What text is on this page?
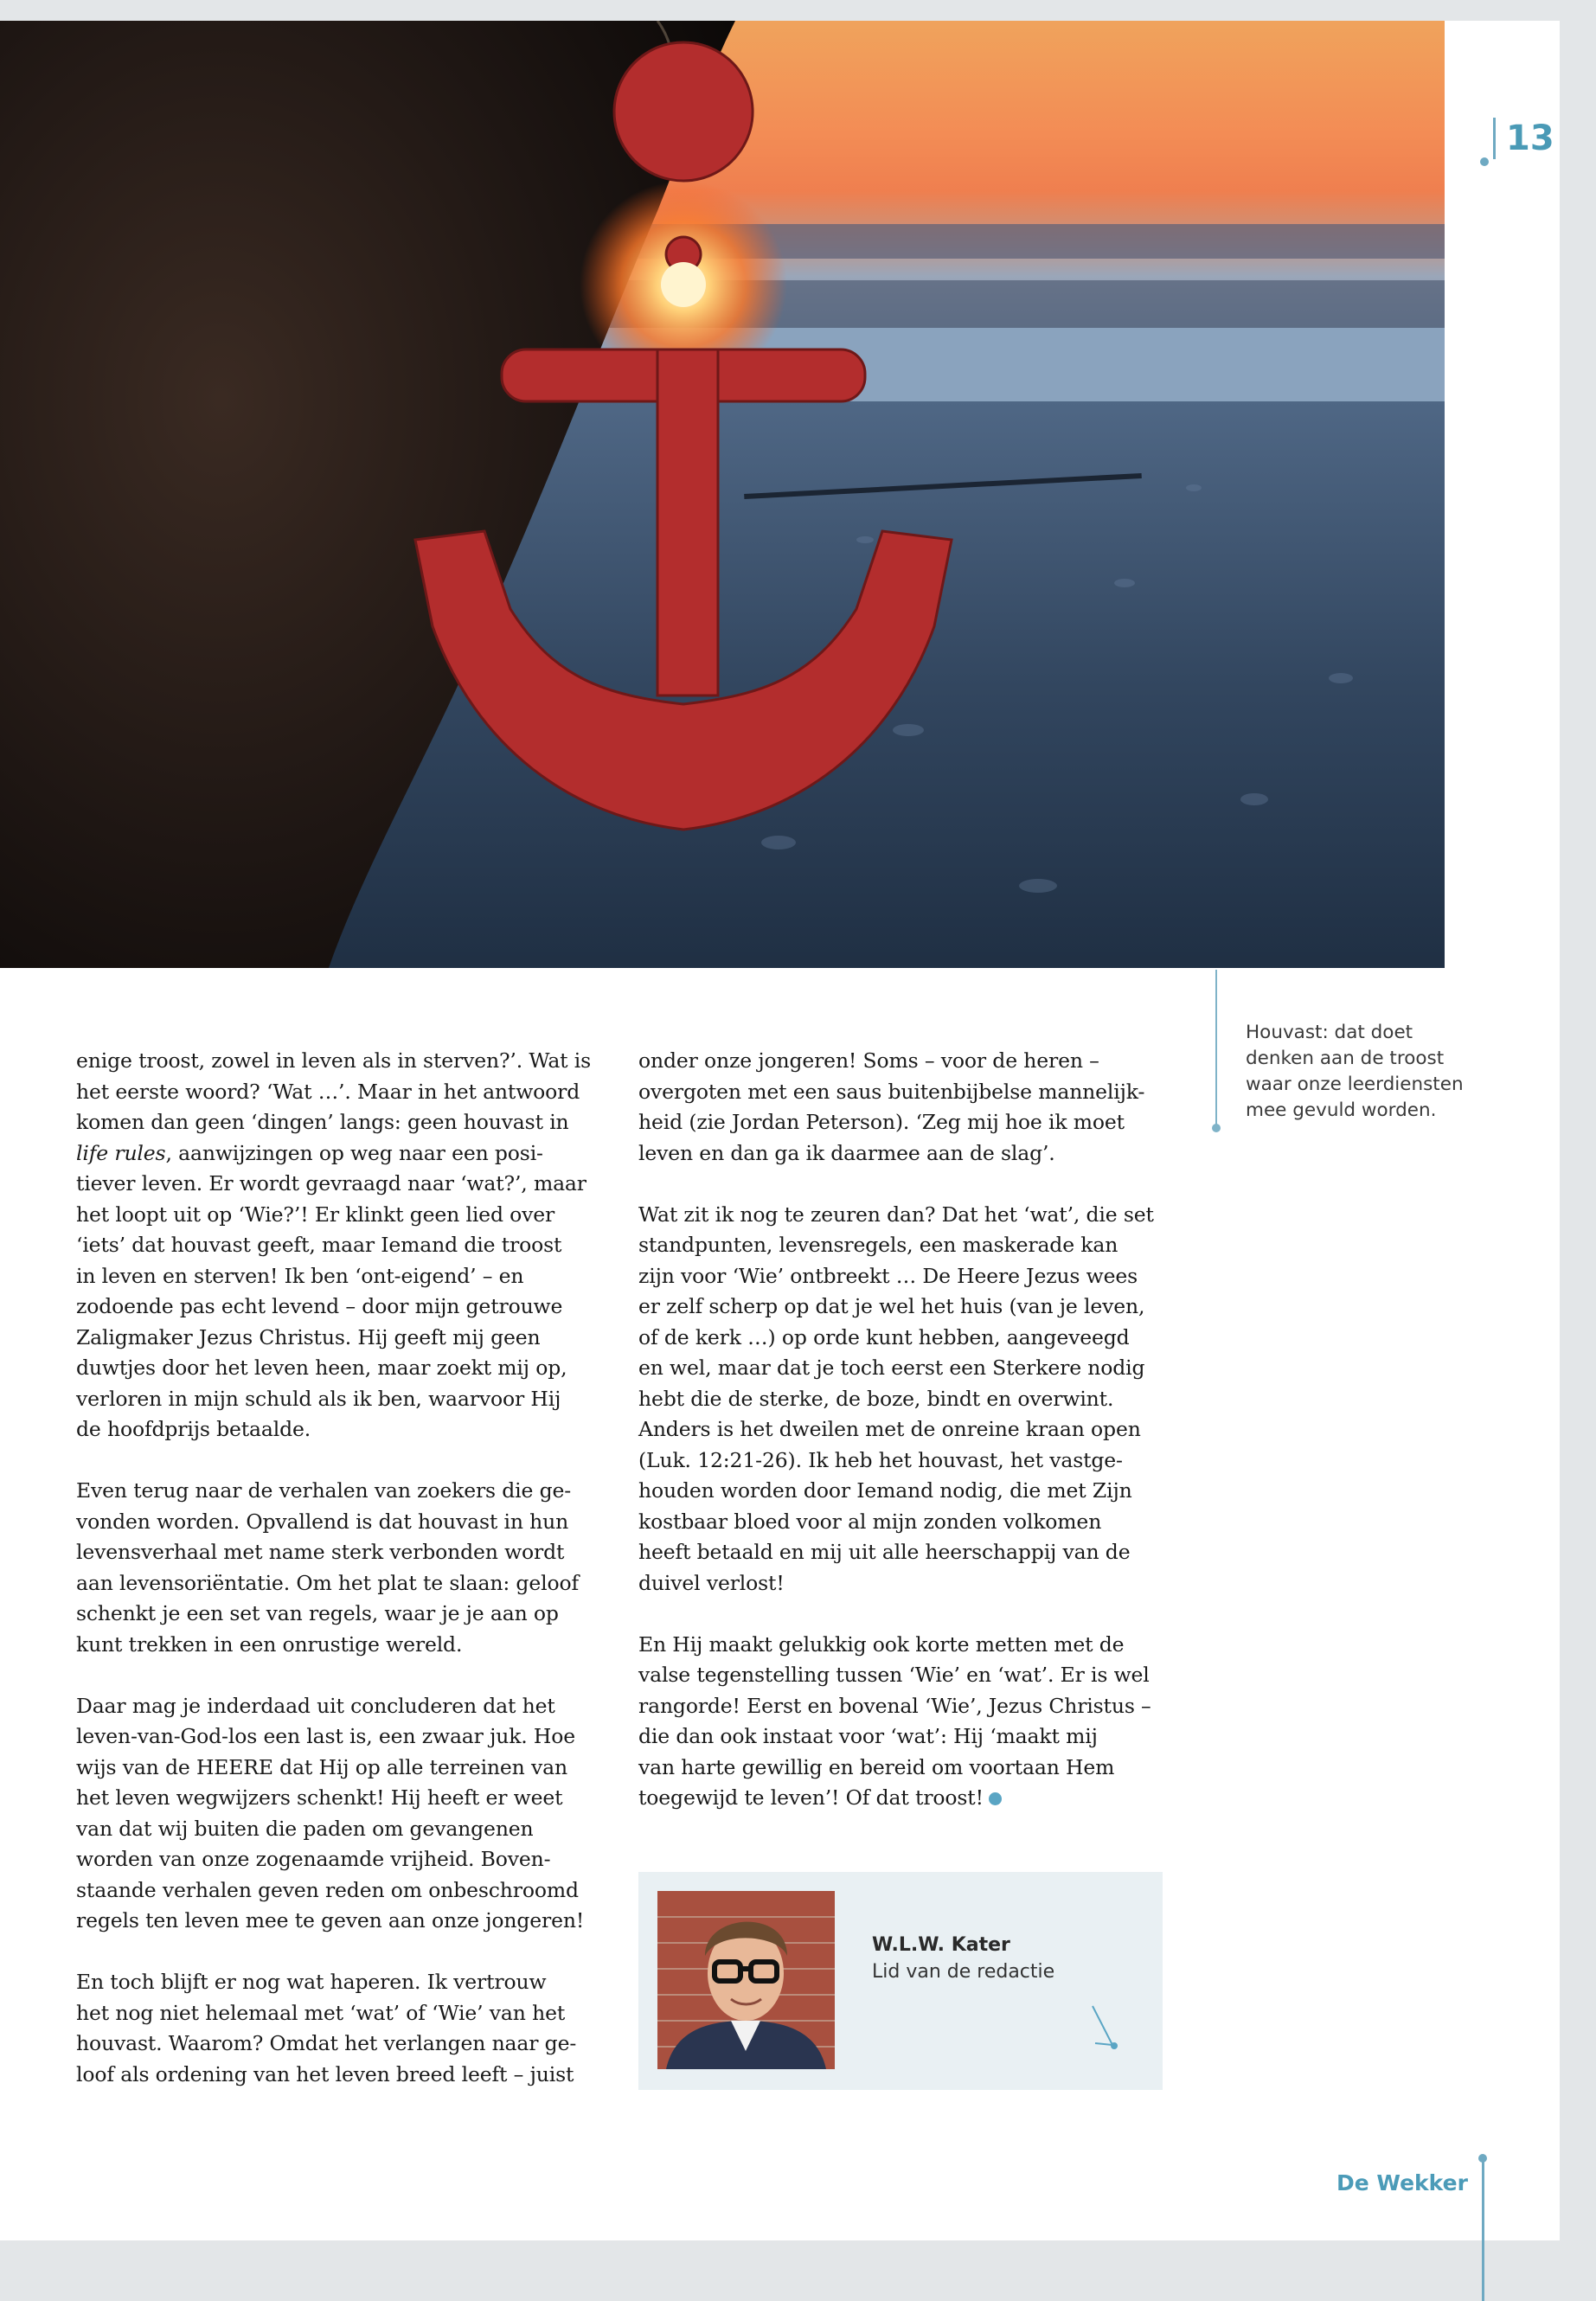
13
Houvast: dat doet
denken aan de troost
waar onze leerdiensten
mee gevuld worden.

enige troost, zowel in leven als in sterven?’. Wat is
het eerste woord? ‘Wat …’. Maar in het antwoord
komen dan geen ‘dingen’ langs: geen houvast in
life rules, aanwijzingen op weg naar een posi-
tiever leven. Er wordt gevraagd naar ‘wat?’, maar
het loopt uit op ‘Wie?’! Er klinkt geen lied over
‘iets’ dat houvast geeft, maar Iemand die troost
in leven en sterven! Ik ben ‘ont-eigend’ – en
zodoende pas echt levend – door mijn getrouwe
Zaligmaker Jezus Christus. Hij geeft mij geen
duwtjes door het leven heen, maar zoekt mij op,
verloren in mijn schuld als ik ben, waarvoor Hij
de hoofdprijs betaalde.

Even terug naar de verhalen van zoekers die ge-
vonden worden. Opvallend is dat houvast in hun
levensverhaal met name sterk verbonden wordt
aan levensoriëntatie. Om het plat te slaan: geloof
schenkt je een set van regels, waar je je aan op
kunt trekken in een onrustige wereld.

Daar mag je inderdaad uit concluderen dat het
leven-van-God-los een last is, een zwaar juk. Hoe
wijs van de HEERE dat Hij op alle terreinen van
het leven wegwijzers schenkt! Hij heeft er weet
van dat wij buiten die paden om gevangenen
worden van onze zogenaamde vrijheid. Boven-
staande verhalen geven reden om onbeschroomd
regels ten leven mee te geven aan onze jongeren!

En toch blijft er nog wat haperen. Ik vertrouw
het nog niet helemaal met ‘wat’ of ‘Wie’ van het
houvast. Waarom? Omdat het verlangen naar ge-
loof als ordening van het leven breed leeft – juist

onder onze jongeren! Soms – voor de heren –
overgoten met een saus buitenbijbelse mannelijk-
heid (zie Jordan Peterson). ‘Zeg mij hoe ik moet
leven en dan ga ik daarmee aan de slag’.

Wat zit ik nog te zeuren dan? Dat het ‘wat’, die set
standpunten, levensregels, een maskerade kan
zijn voor ‘Wie’ ontbreekt … De Heere Jezus wees
er zelf scherp op dat je wel het huis (van je leven,
of de kerk …) op orde kunt hebben, aangeveegd
en wel, maar dat je toch eerst een Sterkere nodig
hebt die de sterke, de boze, bindt en overwint.
Anders is het dweilen met de onreine kraan open
(Luk. 12:21-26). Ik heb het houvast, het vastge-
houden worden door Iemand nodig, die met Zijn
kostbaar bloed voor al mijn zonden volkomen
heeft betaald en mij uit alle heerschappij van de
duivel verlost!

En Hij maakt gelukkig ook korte metten met de
valse tegenstelling tussen ‘Wie’ en ‘wat’. Er is wel
rangorde! Eerst en bovenal ‘Wie’, Jezus Christus –
die dan ook instaat voor ‘wat’: Hij ‘maakt mij
van harte gewillig en bereid om voortaan Hem
toegewijd te leven’! Of dat troost!

W.L.W. Kater
Lid van de redactie
De Wekker
